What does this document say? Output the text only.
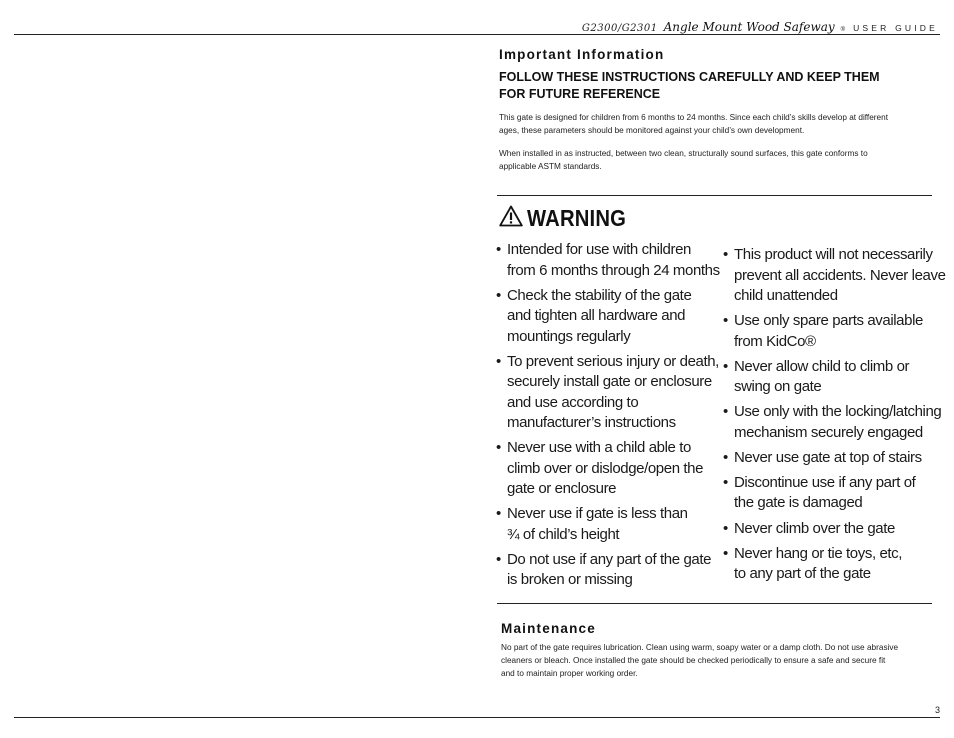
G2300/G2301 Angle Mount Wood Safeway ® USER GUIDE
Important Information
FOLLOW THESE INSTRUCTIONS CAREFULLY AND KEEP THEM
FOR FUTURE REFERENCE
This gate is designed for children from 6 months to 24 months. Since each child’s skills develop at different
ages, these parameters should be monitored against your child’s own development.
When installed in as instructed, between two clean, structurally sound surfaces, this gate conforms to
applicable ASTM standards.
WARNING
• Intended for use with children
from 6 months through 24 months
• Check the stability of the gate
and tighten all hardware and
mountings regularly
• To prevent serious injury or death,
securely install gate or enclosure
and use according to
manufacturer’s instructions
• Never use with a child able to
climb over or dislodge/open the
gate or enclosure
• Never use if gate is less than
¾ of child’s height
• Do not use if any part of the gate
is broken or missing
• This product will not necessarily
prevent all accidents. Never leave
child unattended
• Use only spare parts available
from KidCo®
• Never allow child to climb or
swing on gate
• Use only with the locking/latching
mechanism securely engaged
• Never use gate at top of stairs
• Discontinue use if any part of
the gate is damaged
• Never climb over the gate
• Never hang or tie toys, etc,
to any part of the gate
Maintenance
No part of the gate requires lubrication. Clean using warm, soapy water or a damp cloth. Do not use abrasive
cleaners or bleach. Once installed the gate should be checked periodically to ensure a safe and secure fit
and to maintain proper working order.
3
